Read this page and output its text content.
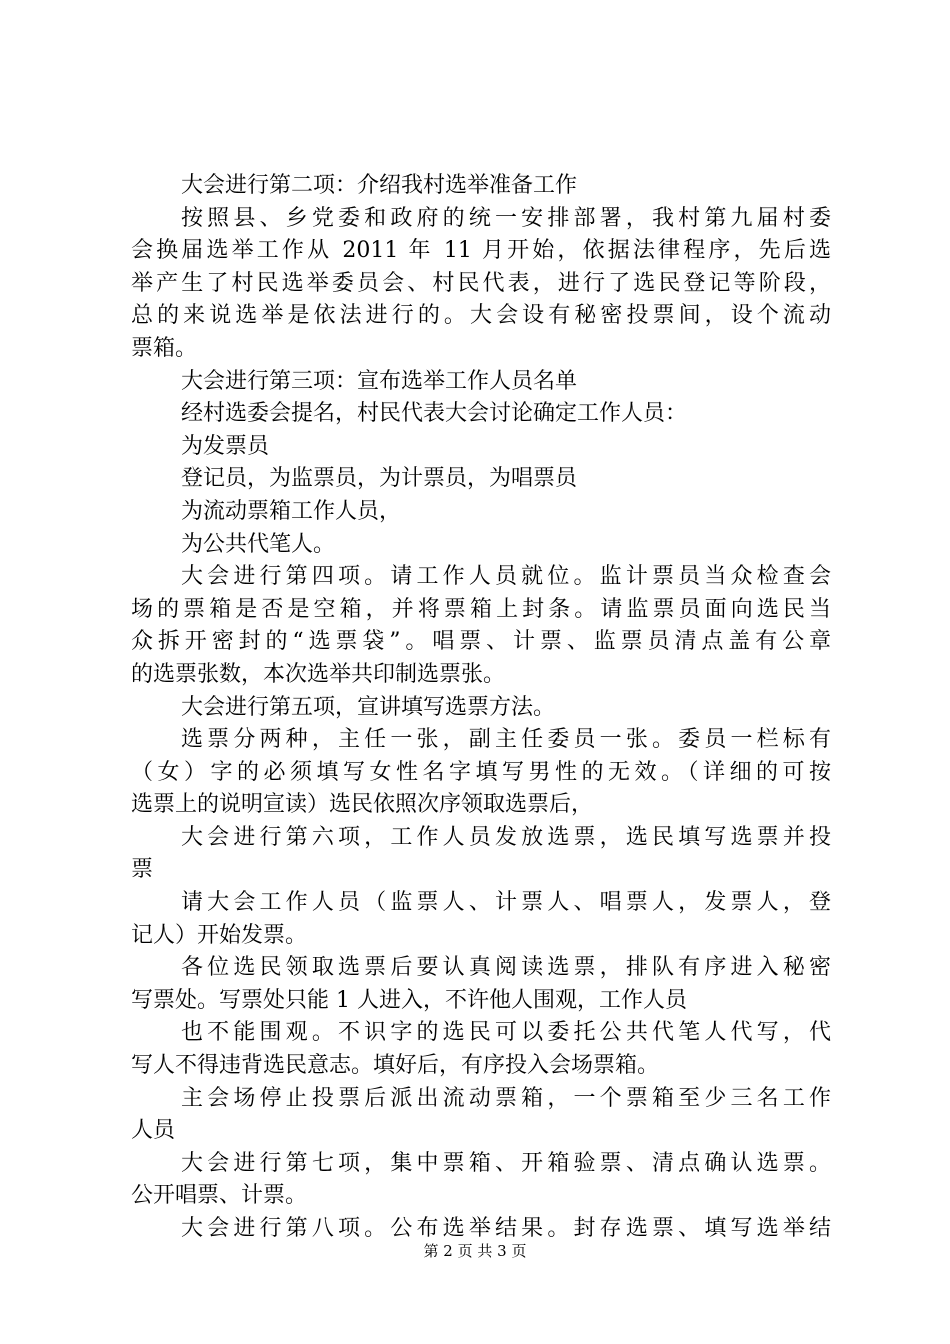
大会进行第二项：介绍我村选举准备工作
按照县、乡党委和政府的统一安排部署，我村第九届村委
会换届选举工作从 2011 年 11 月开始，依据法律程序，先后选
举产生了村民选举委员会、村民代表，进行了选民登记等阶段，
总的来说选举是依法进行的。大会设有秘密投票间，设个流动
票箱。
大会进行第三项：宣布选举工作人员名单
经村选委会提名，村民代表大会讨论确定工作人员：
为发票员
登记员，为监票员，为计票员，为唱票员
为流动票箱工作人员，
为公共代笔人。
大会进行第四项。请工作人员就位。监计票员当众检查会
场的票箱是否是空箱，并将票箱上封条。请监票员面向选民当
众拆开密封的“选票袋”。唱票、计票、监票员清点盖有公章
的选票张数，本次选举共印制选票张。
大会进行第五项，宣讲填写选票方法。
选票分两种，主任一张，副主任委员一张。委员一栏标有
（女）字的必须填写女性名字填写男性的无效。（详细的可按
选票上的说明宣读）选民依照次序领取选票后，
大会进行第六项，工作人员发放选票，选民填写选票并投
票
请大会工作人员（监票人、计票人、唱票人，发票人，登
记人）开始发票。
各位选民领取选票后要认真阅读选票，排队有序进入秘密
写票处。写票处只能 1 人进入，不许他人围观，工作人员
也不能围观。不识字的选民可以委托公共代笔人代写，代
写人不得违背选民意志。填好后，有序投入会场票箱。
主会场停止投票后派出流动票箱，一个票箱至少三名工作
人员
大会进行第七项，集中票箱、开箱验票、清点确认选票。
公开唱票、计票。
大会进行第八项。公布选举结果。封存选票、填写选举结
第 2 页 共 3 页
